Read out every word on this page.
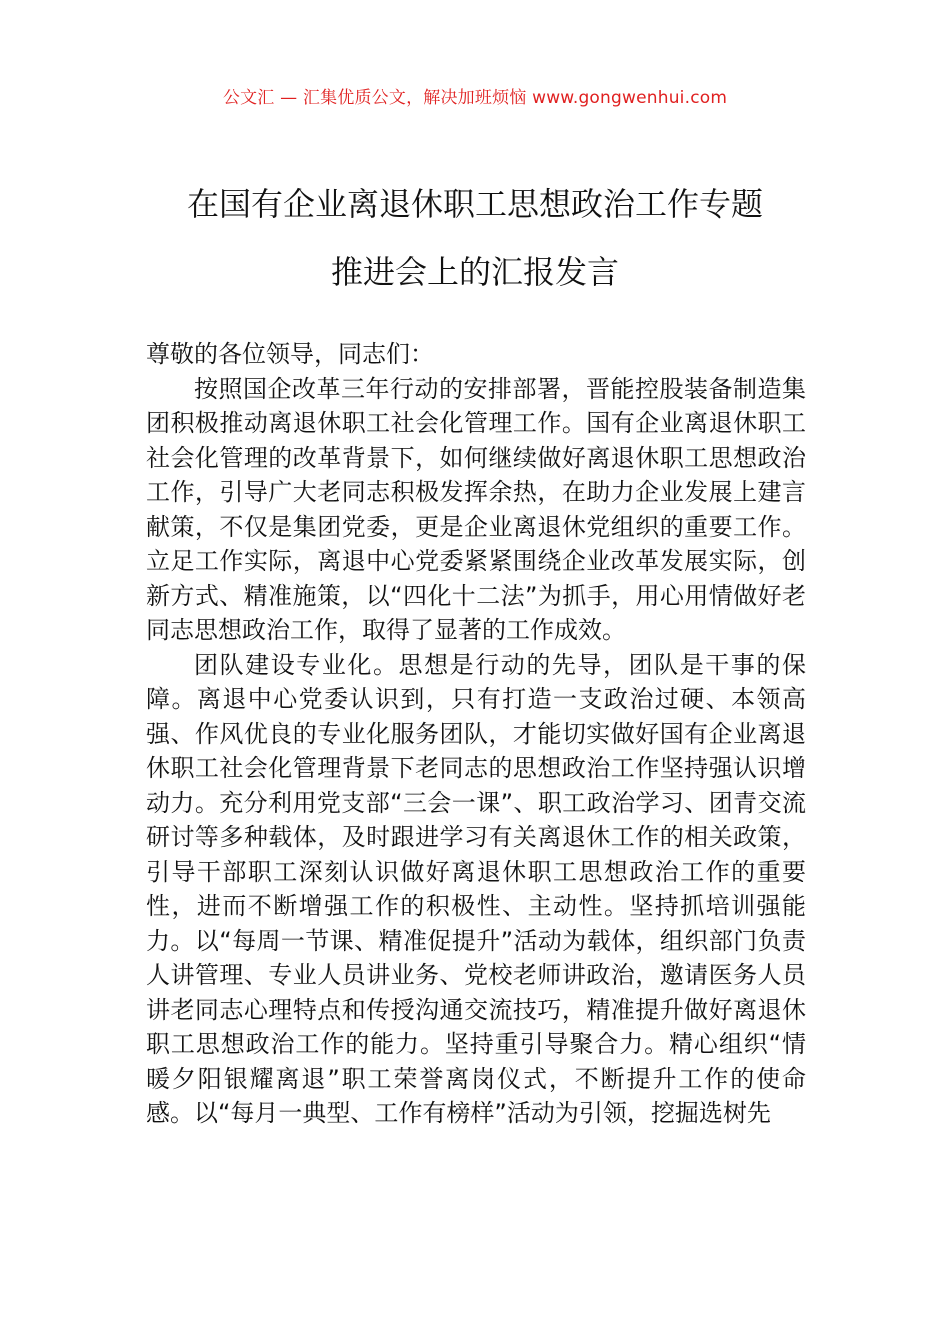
公文汇 — 汇集优质公文，解决加班烦恼 www.gongwenhui.com
在国有企业离退休职工思想政治工作专题
推进会上的汇报发言

尊敬的各位领导，同志们：

按照国企改革三年行动的安排部署，晋能控股装备制造集团积极推动离退休职工社会化管理工作。国有企业离退休职工社会化管理的改革背景下，如何继续做好离退休职工思想政治工作，引导广大老同志积极发挥余热，在助力企业发展上建言献策，不仅是集团党委，更是企业离退休党组织的重要工作。立足工作实际，离退中心党委紧紧围绕企业改革发展实际，创新方式、精准施策，以“四化十二法”为抓手，用心用情做好老同志思想政治工作，取得了显著的工作成效。

团队建设专业化。思想是行动的先导，团队是干事的保障。离退中心党委认识到，只有打造一支政治过硬、本领高强、作风优良的专业化服务团队，才能切实做好国有企业离退休职工社会化管理背景下老同志的思想政治工作坚持强认识增动力。充分利用党支部“三会一课”、职工政治学习、团青交流研讨等多种载体，及时跟进学习有关离退休工作的相关政策，引导干部职工深刻认识做好离退休职工思想政治工作的重要性，进而不断增强工作的积极性、主动性。坚持抓培训强能力。以“每周一节课、精准促提升”活动为载体，组织部门负责人讲管理、专业人员讲业务、党校老师讲政治，邀请医务人员讲老同志心理特点和传授沟通交流技巧，精准提升做好离退休职工思想政治工作的能力。坚持重引导聚合力。精心组织“情暖夕阳银耀离退”职工荣誉离岗仪式，不断提升工作的使命感。以“每月一典型、工作有榜样”活动为引领，挖掘选树先
